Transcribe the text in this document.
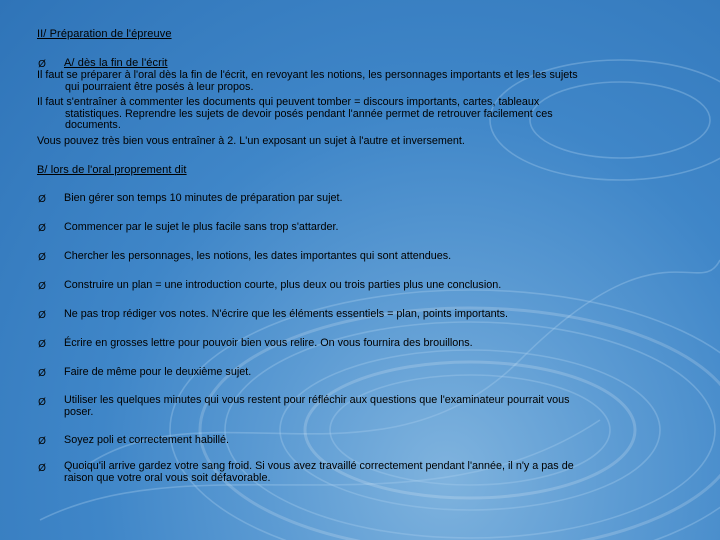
II/ Préparation de l'épreuve
Ø A/ dès la fin de l'écrit
Il faut se préparer à l'oral dès la fin de l'écrit, en revoyant les notions, les personnages importants et les les sujets
qui pourraient être posés à leur propos.
Il faut s'entraîner à commenter les documents qui peuvent tomber = discours importants, cartes, tableaux
statistiques. Reprendre les sujets de devoir posés pendant l'année permet de retrouver facilement ces
documents.
Vous pouvez très bien vous entraîner à 2. L'un exposant un sujet à l'autre et inversement.
B/ lors de l'oral proprement dit
Ø Bien gérer son temps 10 minutes de préparation par sujet.
Ø Commencer par le sujet le plus facile sans trop s'attarder.
Ø Chercher les personnages, les notions, les dates importantes qui sont attendues.
Ø Construire un plan = une introduction courte, plus deux ou trois parties plus une conclusion.
Ø Ne pas trop rédiger vos notes. N'écrire que les éléments essentiels = plan, points importants.
Ø Écrire en grosses lettre pour pouvoir bien vous relire. On vous fournira des brouillons.
Ø Faire de même pour le deuxième sujet.
Ø Utiliser les quelques minutes qui vous restent pour réfléchir aux questions que l'examinateur pourrait vous
poser.
Ø Soyez poli et correctement habillé.
Ø Quoiqu'il arrive gardez votre sang froid. Si vous avez travaillé correctement pendant l'année, il n'y a pas de
raison que votre oral vous soit défavorable.
